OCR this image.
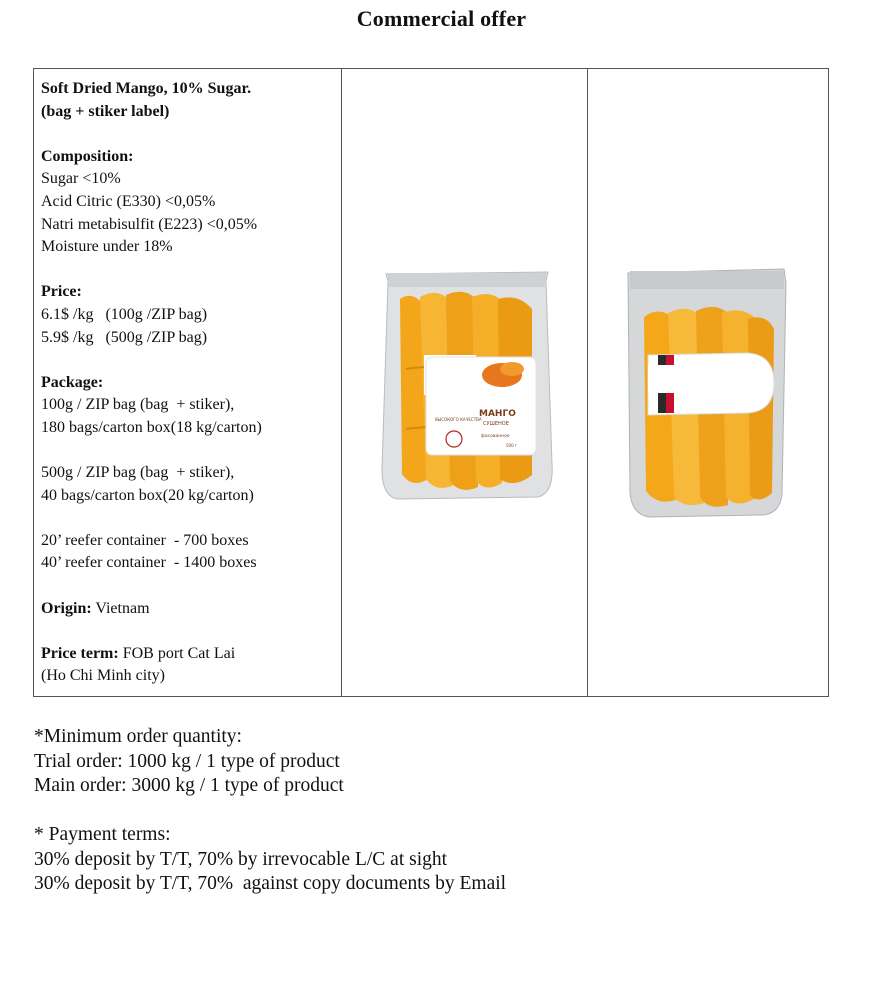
Commercial offer

Soft Dried Mango, 10% Sugar.

(bag + stiker label)

Composition:

Sugar <10%

Acid Citric (E330) <0,05%

Natri metabisulfit (E223) <0,05%

Moisture under 18%

Price:

6.1$ /kg   (100g /ZIP bag)

5.9$ /kg   (500g /ZIP bag)

Package:

100g / ZIP bag (bag  + stiker),

180 bags/carton box(18 kg/carton)

500g / ZIP bag (bag  + stiker),

40 bags/carton box(20 kg/carton)

20’ reefer container  - 700 boxes

40’ reefer container  - 1400 boxes

Origin: Vietnam

Price term: FOB port Cat Lai

(Ho Chi Minh city)

ВЫСОКОГО КАЧЕСТВА
МАНГО
СУШЕНОЕ
фасованное
500 г
*Minimum order quantity:
Trial order: 1000 kg / 1 type of product
Main order: 3000 kg / 1 type of product
* Payment terms:
30% deposit by T/T, 70% by irrevocable L/C at sight
30% deposit by T/T, 70%  against copy documents by Email
